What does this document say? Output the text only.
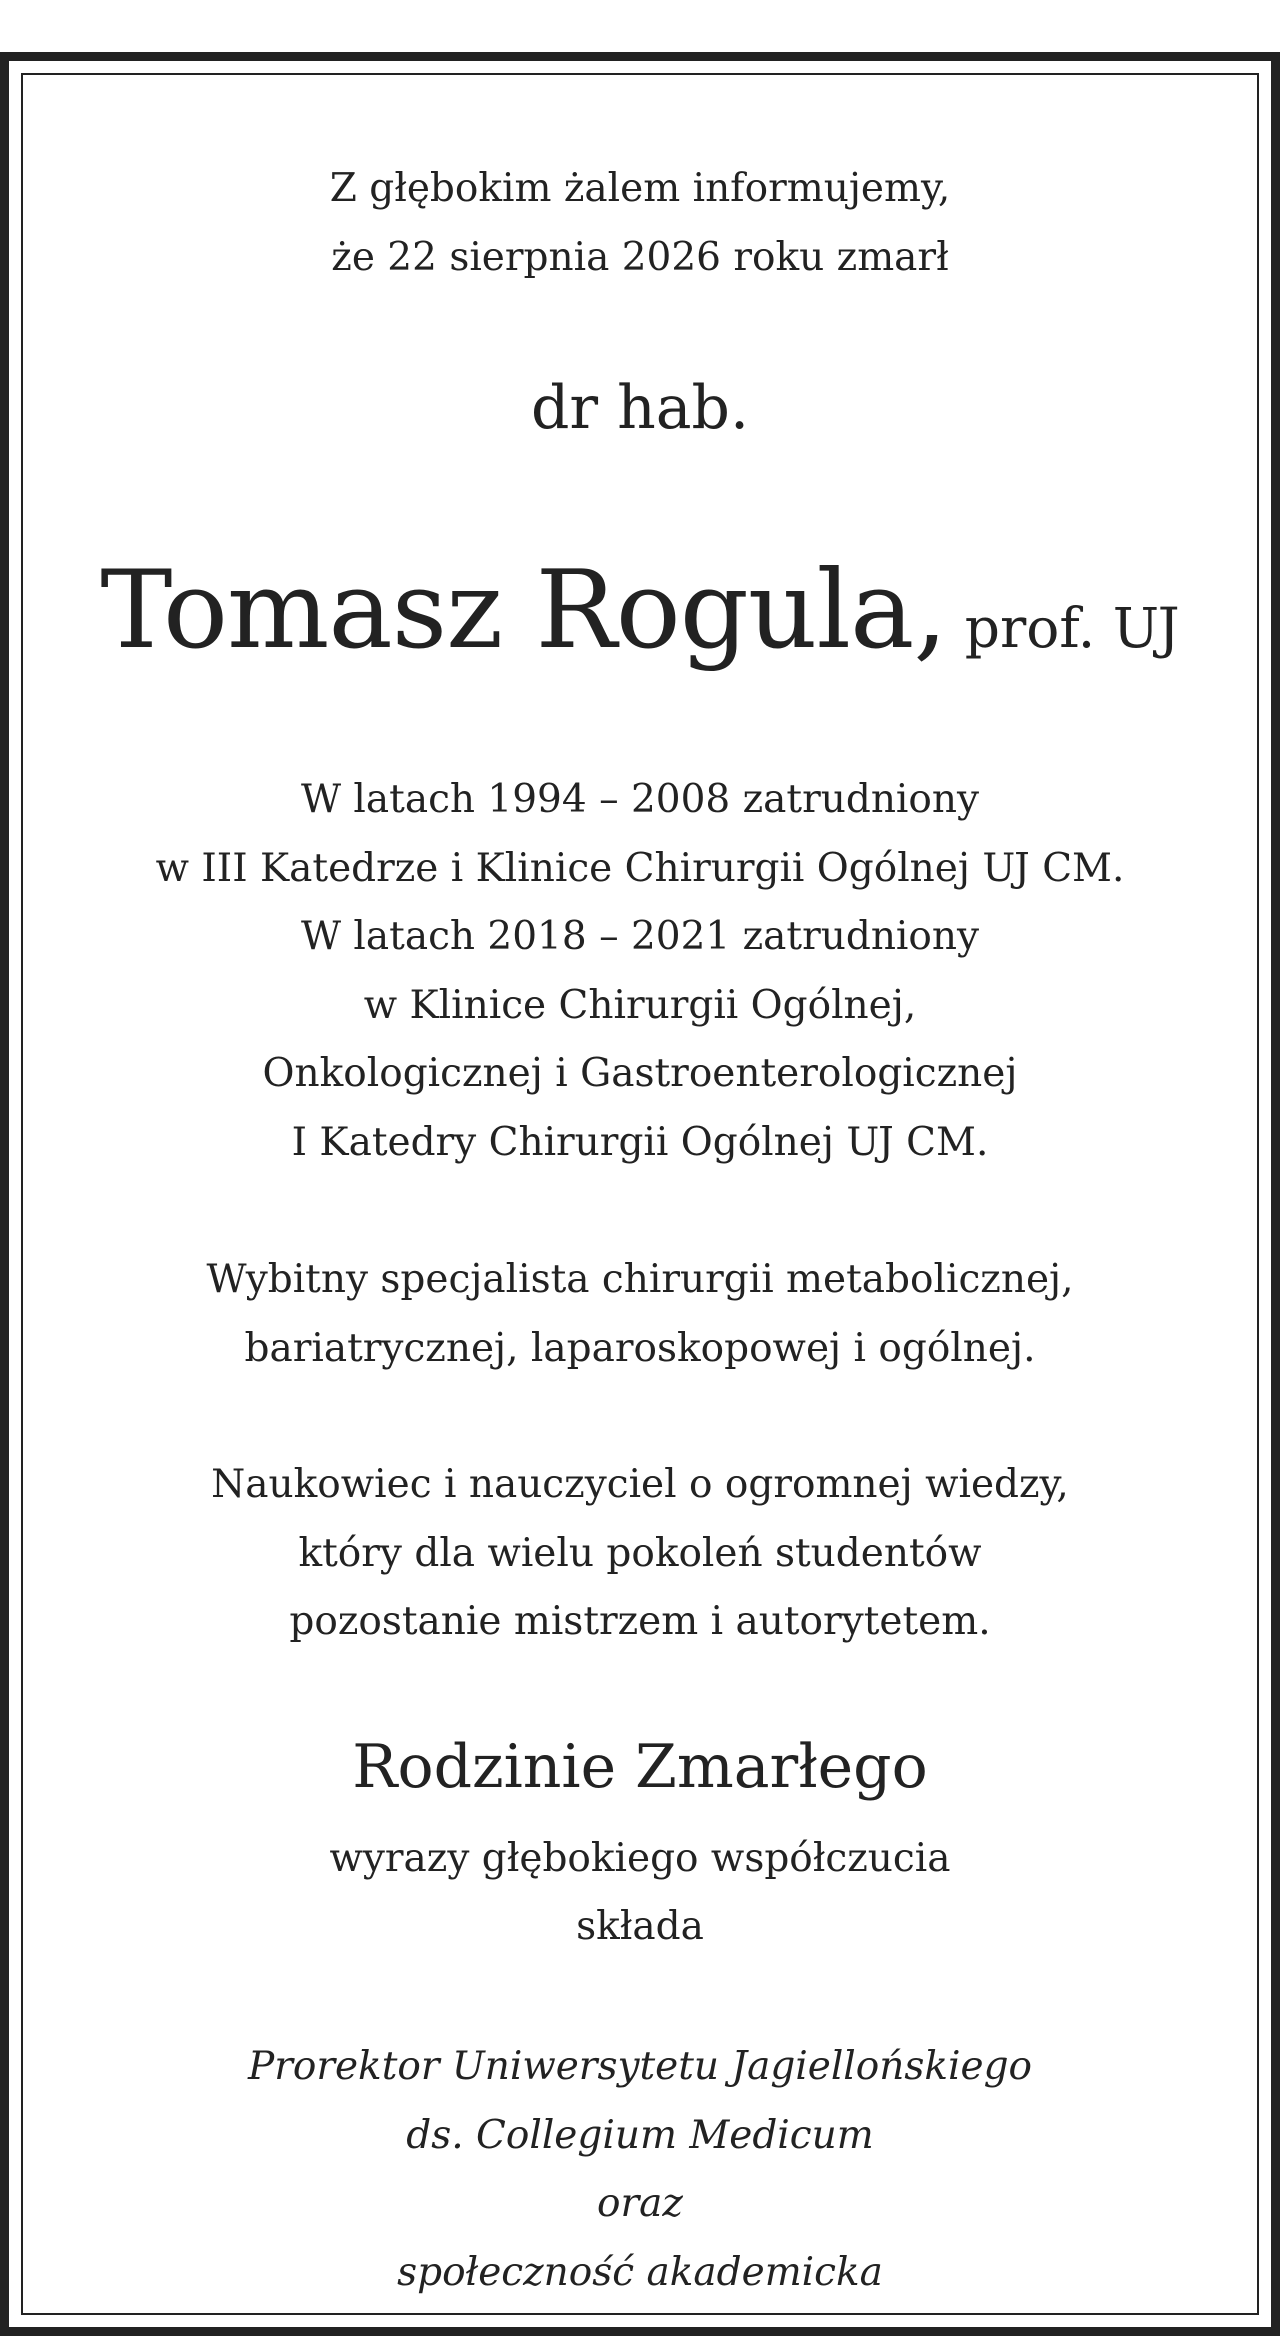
Z głębokim żalem informujemy,
że 22 sierpnia 2026 roku zmarł
dr hab.
Tomasz Rogula, prof. UJ
W latach 1994 – 2008 zatrudniony
w III Katedrze i Klinice Chirurgii Ogólnej UJ CM.
W latach 2018 – 2021 zatrudniony
w Klinice Chirurgii Ogólnej,
Onkologicznej i Gastroenterologicznej
I Katedry Chirurgii Ogólnej UJ CM.
Wybitny specjalista chirurgii metabolicznej,
bariatrycznej, laparoskopowej i ogólnej.
Naukowiec i nauczyciel o ogromnej wiedzy,
który dla wielu pokoleń studentów
pozostanie mistrzem i autorytetem.
Rodzinie Zmarłego
wyrazy głębokiego współczucia
składa
Prorektor Uniwersytetu Jagiellońskiego
ds. Collegium Medicum
oraz
społeczność akademicka
